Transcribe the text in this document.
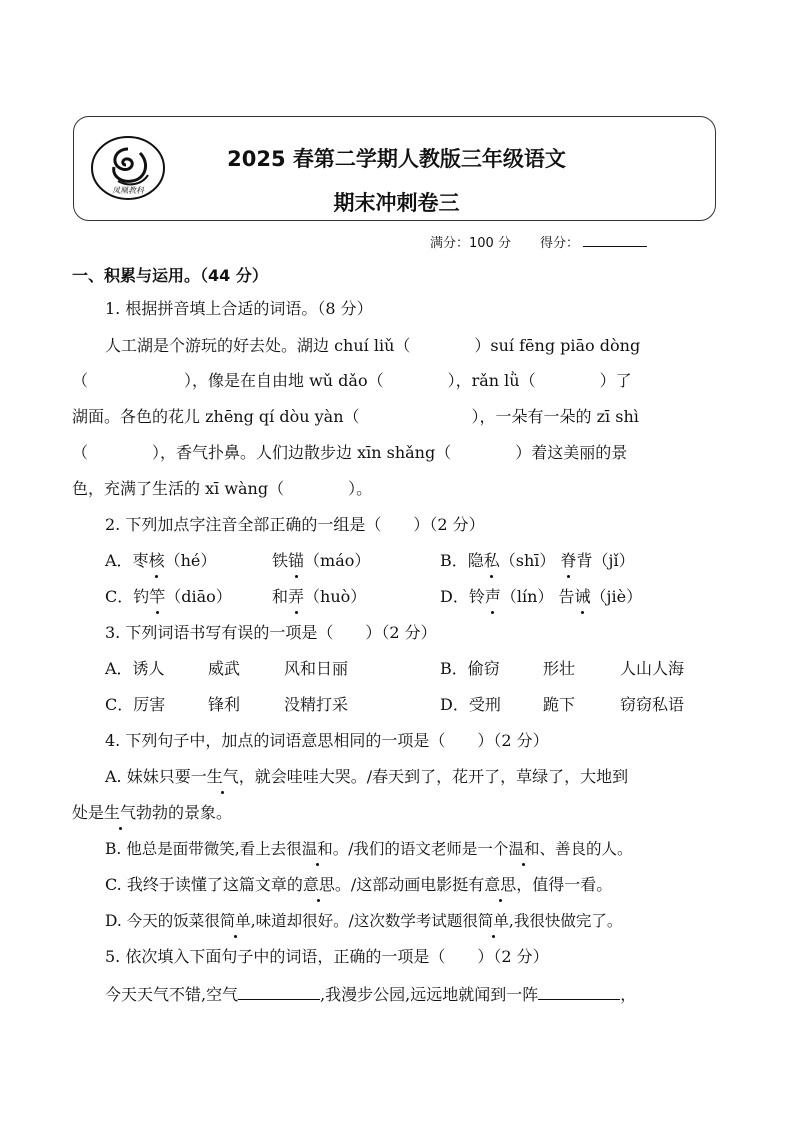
凤凰教科
2025 春第二学期人教版三年级语文
期末冲刺卷三
满分：100 分 得分：
一、积累与运用。（44 分）
1. 根据拼音填上合适的词语。（8 分）
人工湖是个游玩的好去处。湖边 chuí liǔ（　　　　）suí fēng piāo dòng
（　　　　　　），像是在自由地 wǔ dǎo（　　　　），rǎn lǜ（　　　　）了
湖面。各色的花儿 zhēng qí dòu yàn（　　　　　　　），一朵有一朵的 zī shì
（　　　　），香气扑鼻。人们边散步边 xīn shǎng（　　　　）着这美丽的景
色，充满了生活的 xī wàng（　　　　）。
2. 下列加点字注音全部正确的一组是（　　）（2 分）
A．枣核（hé）	铁锚（máo）	B．隐私（shī） 脊背（jǐ）
C．钓竿（diāo）	和弄（huò）	D．铃声（lín） 告诫（jiè）
3. 下列词语书写有误的一项是（　　）（2 分）
A．诱人	威武	风和日丽	B．偷窃	形壮	人山人海
C．厉害	锋利	没精打采	D．受刑	跪下	窃窃私语
4. 下列句子中，加点的词语意思相同的一项是（　　）（2 分）
A. 妹妹只要一生气，就会哇哇大哭。/春天到了，花开了，草绿了，大地到
处是生气勃勃的景象。
B. 他总是面带微笑,看上去很温和。/我们的语文老师是一个温和、善良的人。
C. 我终于读懂了这篇文章的意思。/这部动画电影挺有意思，值得一看。
D. 今天的饭菜很简单,味道却很好。/这次数学考试题很简单,我很快做完了。
5. 依次填入下面句子中的词语，正确的一项是（　　）（2 分）
今天天气不错,空气	,我漫步公园,远远地就闻到一阵	，
